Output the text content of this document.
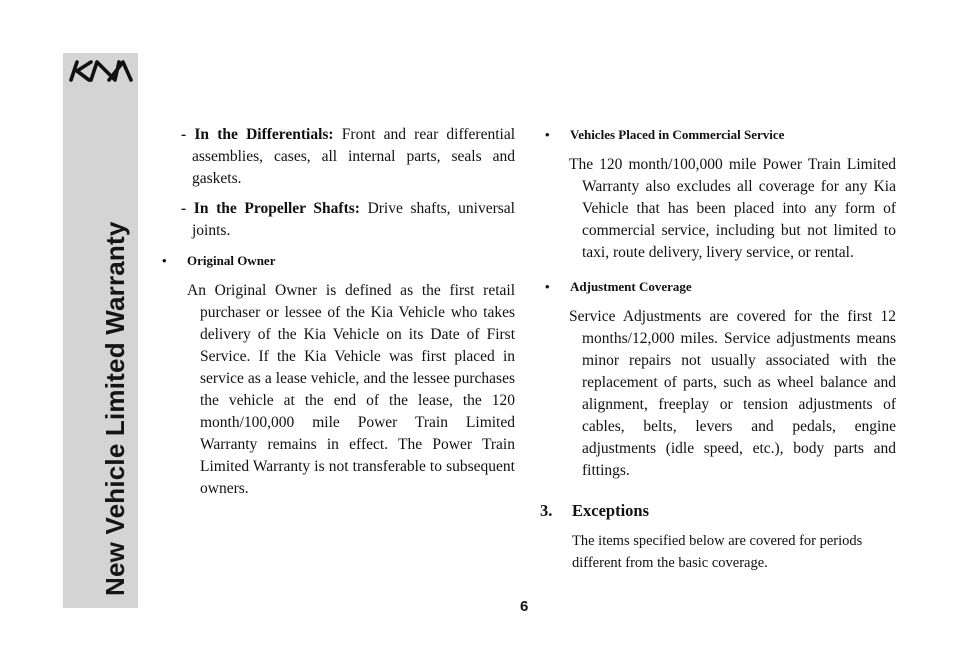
New Vehicle Limited Warranty

- In the Differentials: Front and rear differential assemblies, cases, all internal parts, seals and gaskets.

- In the Propeller Shafts: Drive shafts, universal joints.

• Original Owner

An Original Owner is defined as the first retail purchaser or lessee of the Kia Vehicle who takes delivery of the Kia Vehicle on its Date of First Service. If the Kia Vehicle was first placed in service as a lease vehicle, and the lessee purchases the vehicle at the end of the lease, the 120 month/100,000 mile Power Train Limited Warranty remains in effect. The Power Train Limited Warranty is not transferable to subsequent owners.

• Vehicles Placed in Commercial Service

The 120 month/100,000 mile Power Train Limited Warranty also excludes all coverage for any Kia Vehicle that has been placed into any form of commercial service, including but not limited to taxi, route delivery, livery service, or rental.

• Adjustment Coverage

Service Adjustments are covered for the first 12 months/12,000 miles. Service adjustments means minor repairs not usually associated with the replacement of parts, such as wheel balance and alignment, freeplay or tension adjustments of cables, belts, levers and pedals, engine adjustments (idle speed, etc.), body parts and fittings.

3. Exceptions

The items specified below are covered for periods different from the basic coverage.

6
